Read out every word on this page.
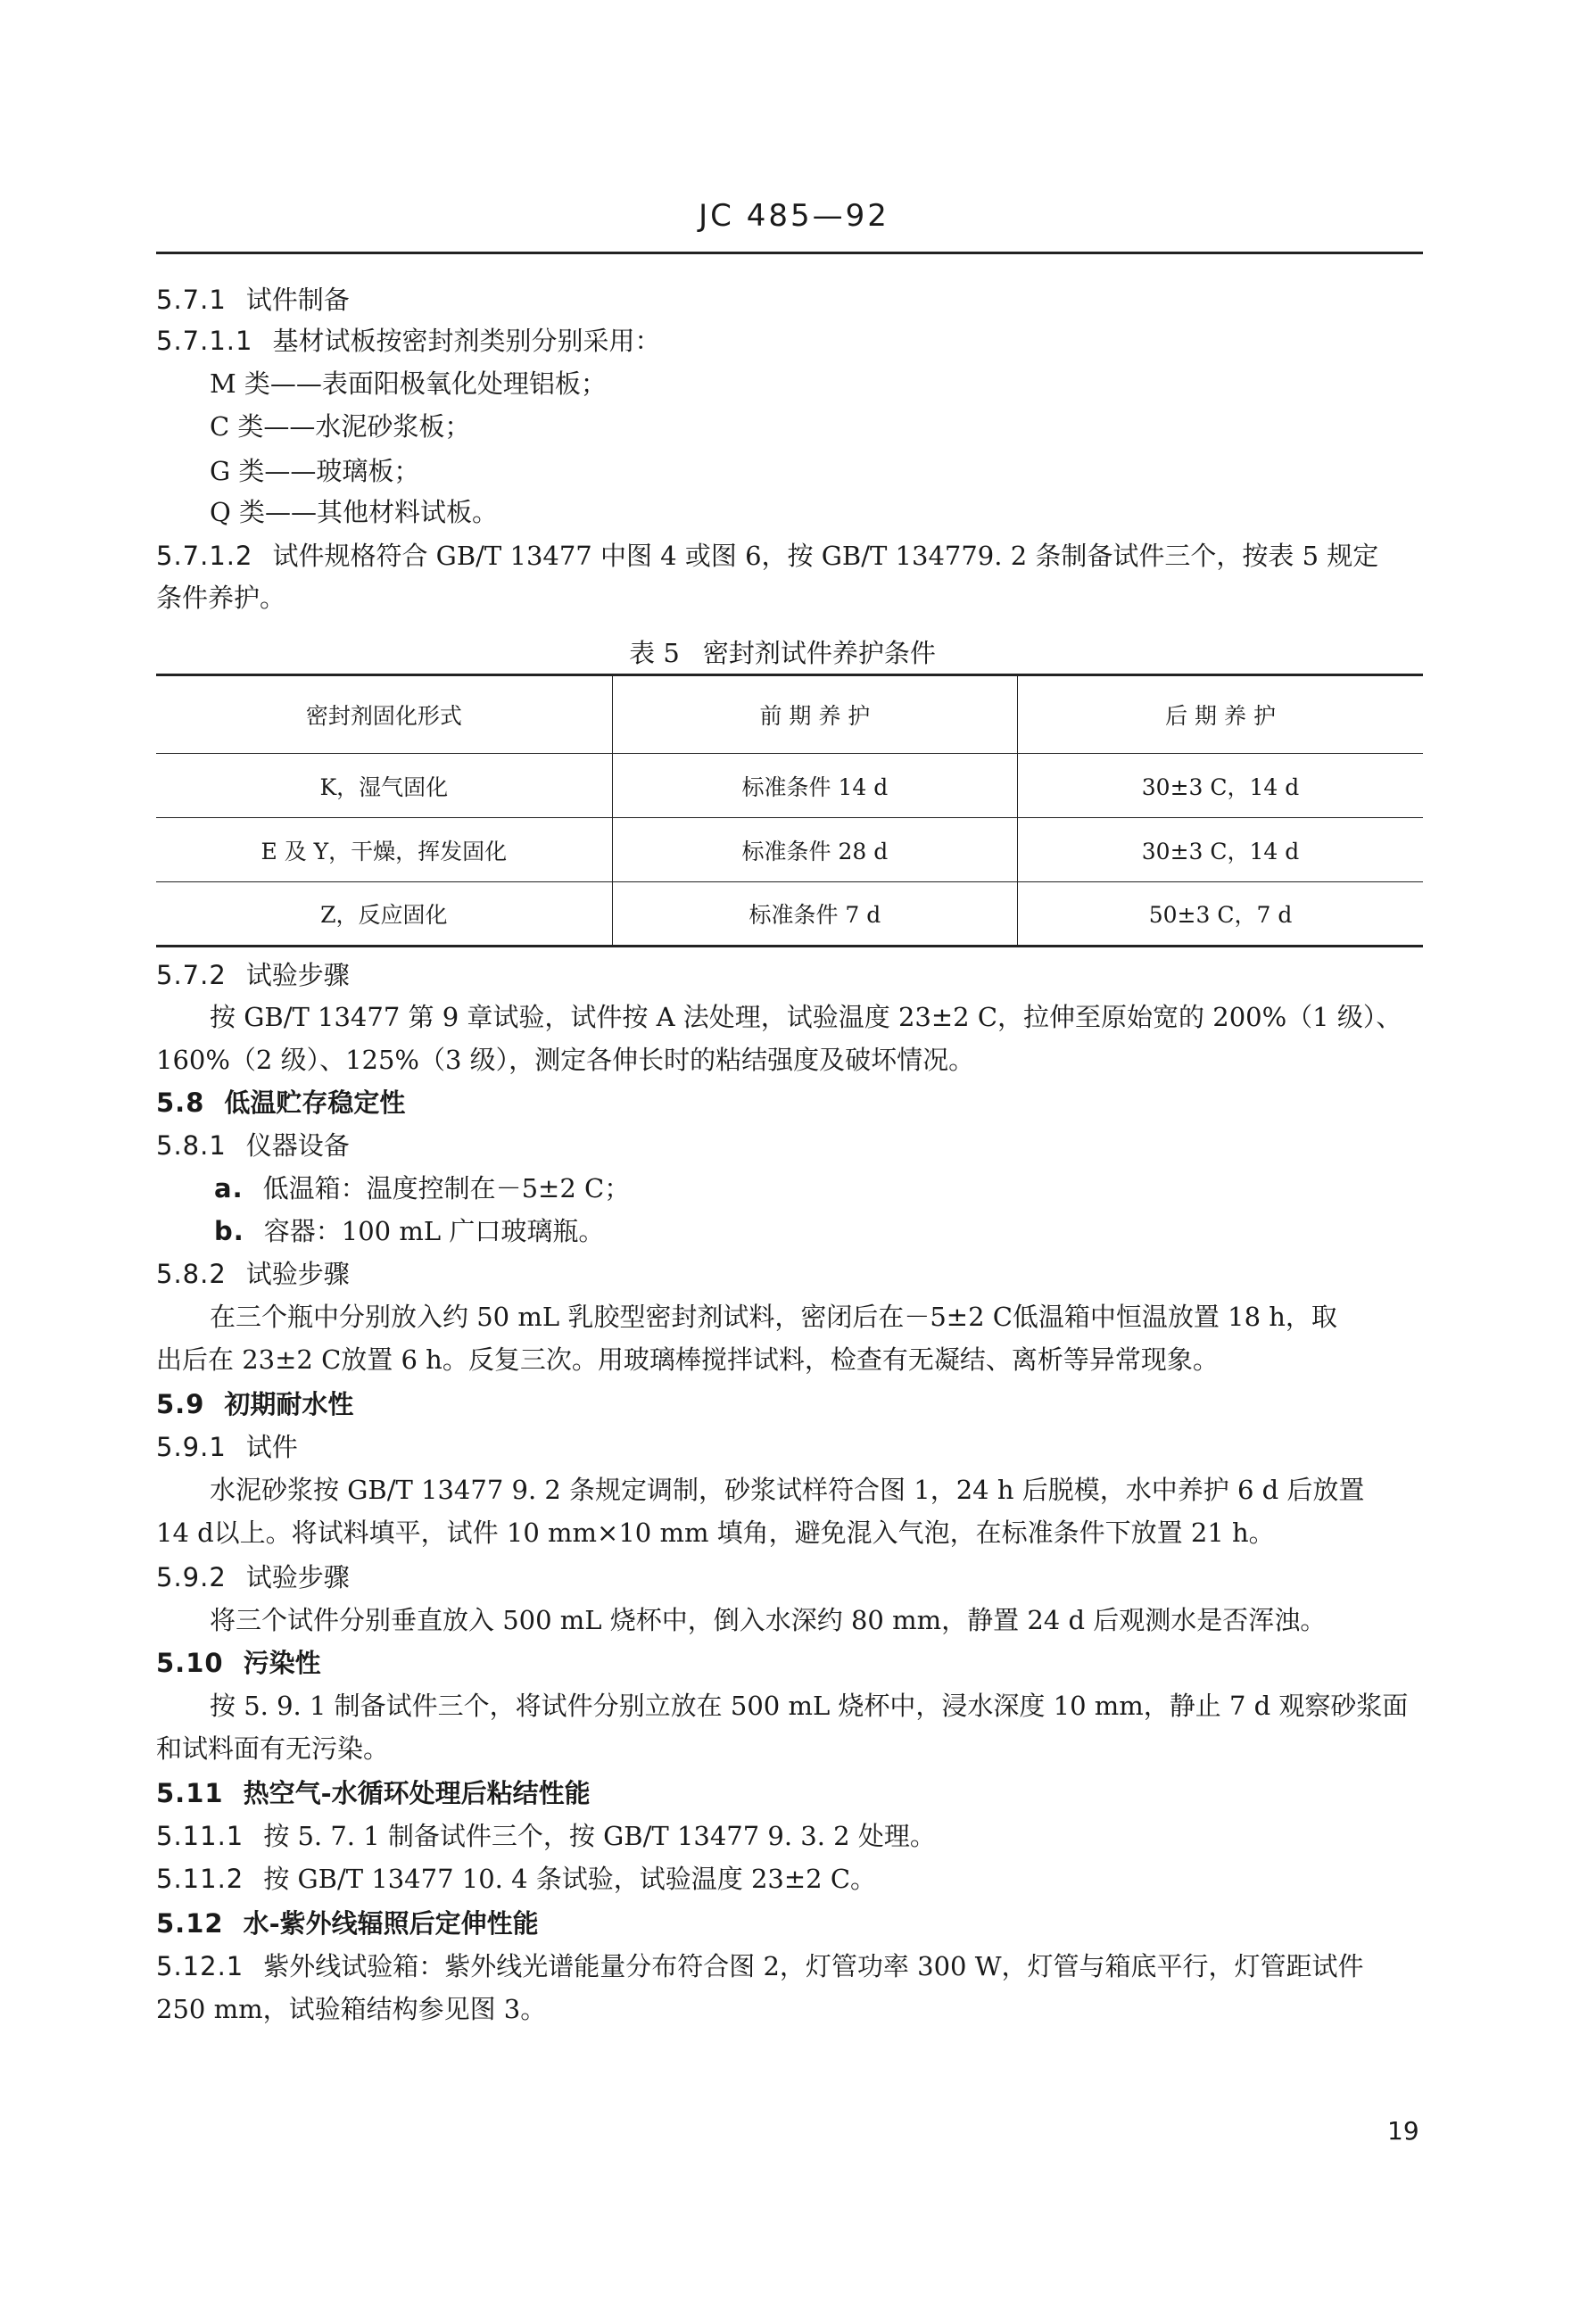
JC 485—92
5.7.1 试件制备
5.7.1.1 基材试板按密封剂类别分别采用：
M 类——表面阳极氧化处理铝板；
C 类——水泥砂浆板；
G 类——玻璃板；
Q 类——其他材料试板。
5.7.1.2 试件规格符合 GB/T 13477 中图 4 或图 6，按 GB/T 134779. 2 条制备试件三个，按表 5 规定
条件养护。
表 5 密封剂试件养护条件
密封剂固化形式	前 期 养 护	后 期 养 护
K，湿气固化	标准条件 14 d	30±3 C，14 d
E 及 Y，干燥，挥发固化	标准条件 28 d	30±3 C，14 d
Z，反应固化	标准条件 7 d	50±3 C，7 d
5.7.2 试验步骤
按 GB/T 13477 第 9 章试验，试件按 A 法处理，试验温度 23±2 C，拉伸至原始宽的 200%（1 级）、
160%（2 级）、125%（3 级），测定各伸长时的粘结强度及破坏情况。
5.8 低温贮存稳定性
5.8.1 仪器设备
a. 低温箱：温度控制在－5±2 C；
b. 容器：100 mL 广口玻璃瓶。
5.8.2 试验步骤
在三个瓶中分别放入约 50 mL 乳胶型密封剂试料，密闭后在－5±2 C低温箱中恒温放置 18 h，取
出后在 23±2 C放置 6 h。反复三次。用玻璃棒搅拌试料，检查有无凝结、离析等异常现象。
5.9 初期耐水性
5.9.1 试件
水泥砂浆按 GB/T 13477 9. 2 条规定调制，砂浆试样符合图 1，24 h 后脱模，水中养护 6 d 后放置
14 d以上。将试料填平，试件 10 mm×10 mm 填角，避免混入气泡，在标准条件下放置 21 h。
5.9.2 试验步骤
将三个试件分别垂直放入 500 mL 烧杯中，倒入水深约 80 mm，静置 24 d 后观测水是否浑浊。
5.10 污染性
按 5. 9. 1 制备试件三个，将试件分别立放在 500 mL 烧杯中，浸水深度 10 mm，静止 7 d 观察砂浆面
和试料面有无污染。
5.11 热空气-水循环处理后粘结性能
5.11.1 按 5. 7. 1 制备试件三个，按 GB/T 13477 9. 3. 2 处理。
5.11.2 按 GB/T 13477 10. 4 条试验，试验温度 23±2 C。
5.12 水-紫外线辐照后定伸性能
5.12.1 紫外线试验箱：紫外线光谱能量分布符合图 2，灯管功率 300 W，灯管与箱底平行，灯管距试件
250 mm，试验箱结构参见图 3。
19
